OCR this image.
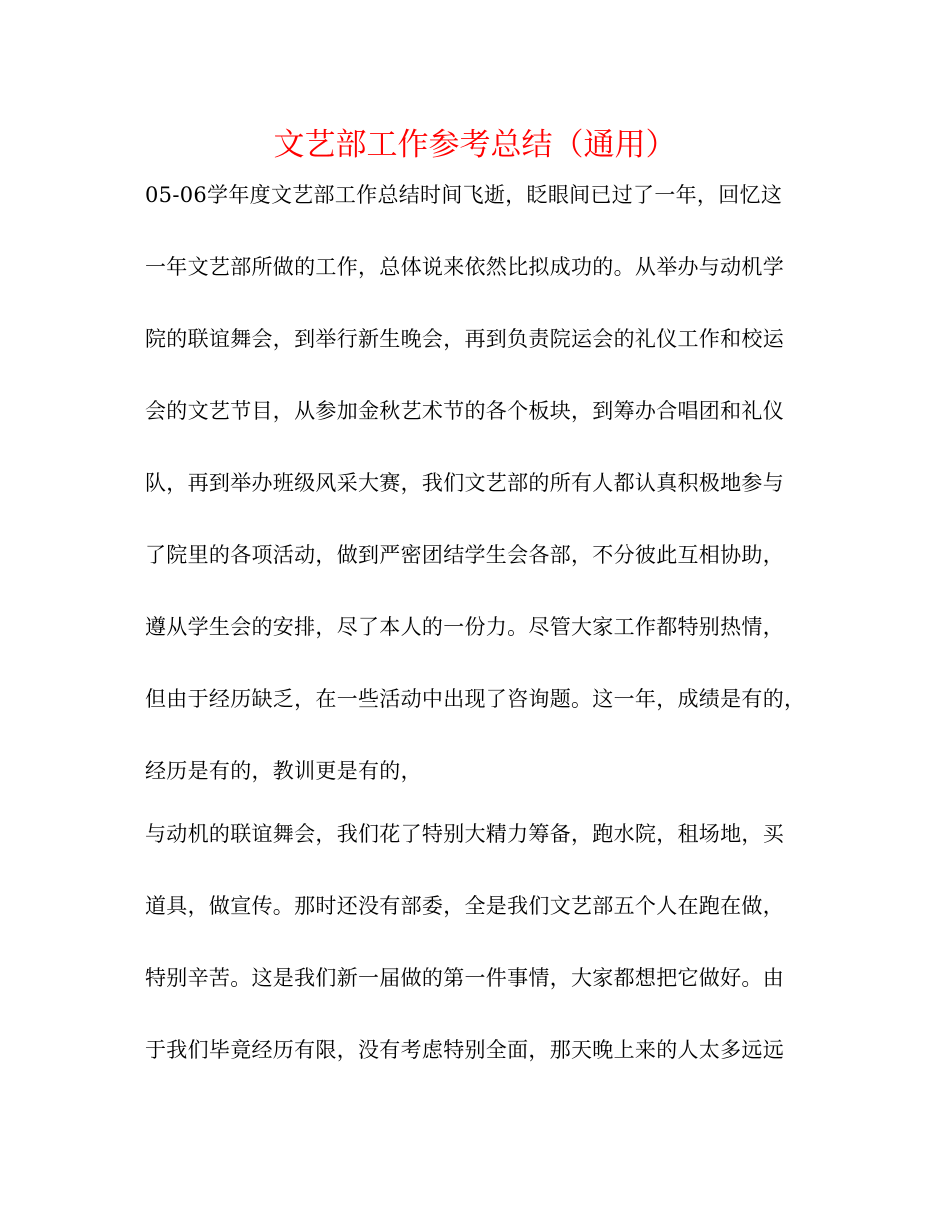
文艺部工作参考总结（通用）

05-06学年度文艺部工作总结时间飞逝，眨眼间已过了一年，回忆这

一年文艺部所做的工作，总体说来依然比拟成功的。从举办与动机学

院的联谊舞会，到举行新生晚会，再到负责院运会的礼仪工作和校运

会的文艺节目，从参加金秋艺术节的各个板块，到筹办合唱团和礼仪

队，再到举办班级风采大赛，我们文艺部的所有人都认真积极地参与

了院里的各项活动，做到严密团结学生会各部，不分彼此互相协助，

遵从学生会的安排，尽了本人的一份力。尽管大家工作都特别热情，

但由于经历缺乏，在一些活动中出现了咨询题。这一年，成绩是有的，

经历是有的，教训更是有的，

与动机的联谊舞会，我们花了特别大精力筹备，跑水院，租场地，买

道具，做宣传。那时还没有部委，全是我们文艺部五个人在跑在做，

特别辛苦。这是我们新一届做的第一件事情，大家都想把它做好。由

于我们毕竟经历有限，没有考虑特别全面，那天晚上来的人太多远远
